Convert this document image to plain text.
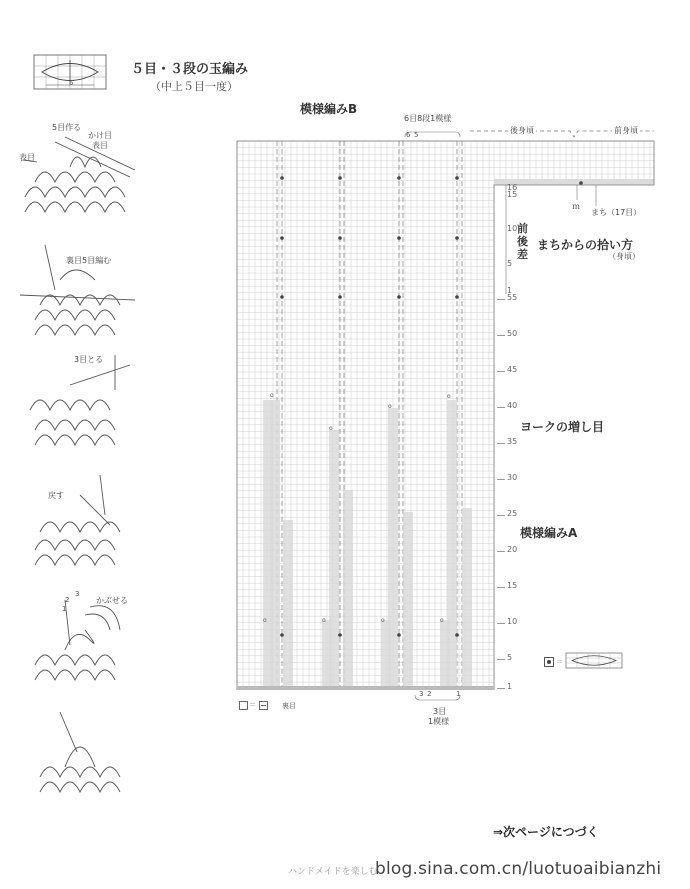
5
５目・３段の玉編み
（中上５目一度）
5目作る
かけ目
表目
表目
裏目5目編む
3目とる
戻す
かぶせる
1
2
3
o	o	o	o
o
o
o
o
模様編みB
6目8段1模様
6 5	後身頃	前身頃
前後差
まちからの拾い方
（身頃）
ｍ
まち（17目）
ヨークの増し目
模様編みA
3 2	1
3目
1模様
1
5
10
15
20
25
30
35
40
45
50
55
1
5
10
15
16
＝	裏目
＝
⇒次ページにつづく
ハンドメイドを楽しむ
blog.sina.com.cn/luotuoaibianzhi
